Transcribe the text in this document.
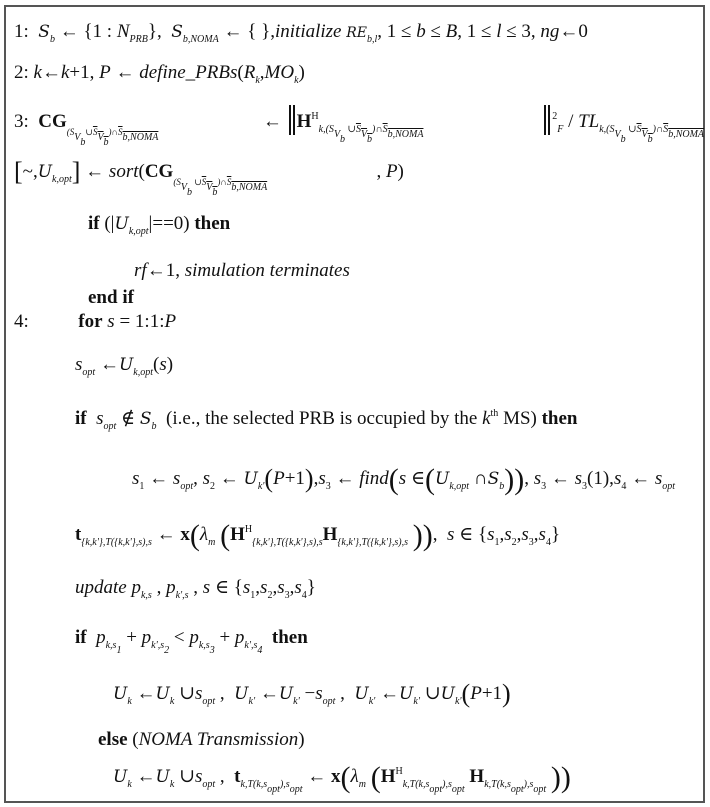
1: $S_b$ ← {1 : $N_{PRB}$},  $S_{b,NOMA}$ ← { },initialize $RE_{b,l}$, 1 ≤ b ≤ B, 1 ≤ l ≤ 3, ng←0
2: k←k+1, P ← $define\_PRBs(R_k,MO_k)$
3: $CG_{(S_{V_b}\cup S_{V_b})\cap S_{b,NOMA}}$                      ← $H^H_{k,(S_{V_b} \cup S_{V_b})\cap S_{b,NOMA}}$                         $^2_F / TL_{k,(S_{V_b} \cup S_{V_b})\cap S_{b,NOMA}}$
$[\sim,U_{k,opt}]$ ← $sort(CG_{(S_{V_b} \cup S_{V_b})\cap S_{b,NOMA}}$                       , P)
if $(|U_{k,opt}|==0)$ then
rf←1, simulation terminates
end if
4:	for s = 1:1:P
$s_{opt}$ $\leftarrow U_{k,opt}(s)$
if $s_{opt}$ ∉ $S_b$ (i.e., the selected PRB is occupied by the $k^{th}$ MS) then
$s_1$ ← $s_{opt}$, $s_2$ ← $U_{k'}(P+1),s_3$ ← find(s $\in(U_{k,opt}$ $\cap S_b$)), $s_3$ ← $s_3(1),s_4$ ← $s_{opt}$
$t_{\{k,k'\},T(\{k,k'\},s),s}$ ← $x(\lambda_m$ ($H^H_{\{k,k'\},T(\{k,k'\},s),s}H_{\{k,k'\},T(\{k,k'\},s),s}$ )),  s ∈ $\{s_1,s_2,s_3,s_4\}$
update $p_{k,s}$ , $p_{k',s}$ , s ∈ $\{s_1,s_2,s_3,s_4\}$
if $p_{k,s_1} + p_{k',s_2} < p_{k,s_3} + p_{k',s_4}$  then
$U_k$ $\leftarrow U_k$ $\cup s_{opt}$ ,  $U_{k'}$ $\leftarrow U_{k'} -s_{opt}$ ,  $U_{k'}$ $\leftarrow U_{k'}$ $\cup U_{k'}(P+1)$
else (NOMA Transmission)
$U_k$ $\leftarrow U_k$ $\cup s_{opt}$ ,  $t_{k,T(k,s_{opt}),s_{opt}}$ ← $x(\lambda_m$ ($H^H_{k,T(k,s_{opt}),s_{opt}}$ $H_{k,T(k,s_{opt}),s_{opt}}$ ))
